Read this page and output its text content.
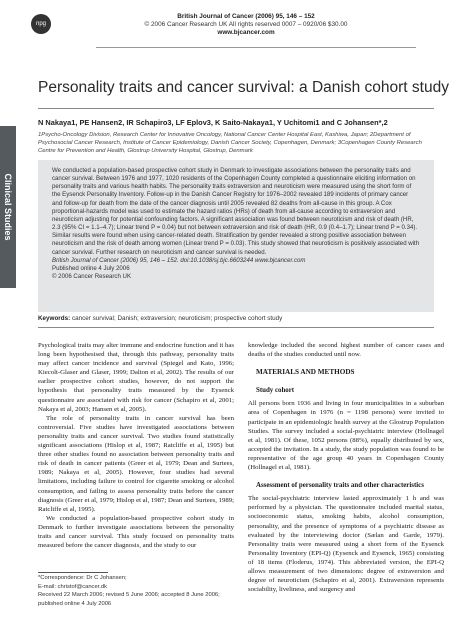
npg
British Journal of Cancer (2006) 95, 146 – 152
© 2006 Cancer Research UK All rights reserved 0007 – 0920/06 $30.00
www.bjcancer.com
Clinical Studies
Personality traits and cancer survival: a Danish cohort study
N Nakaya1, PE Hansen2, IR Schapiro3, LF Eplov3, K Saito-Nakaya1, Y Uchitomi1 and C Johansen*,2
1Psycho-Oncology Division, Research Center for Innovative Oncology, National Cancer Center Hospital East, Kashiwa, Japan; 2Department of Psychosocial Cancer Research, Institute of Cancer Epidemiology, Danish Cancer Society, Copenhagen, Denmark; 3Copenhagen County Research Centre for Prevention and Health, Glostrup University Hospital, Glostrup, Denmark

We conducted a population-based prospective cohort study in Denmark to investigate associations between the personality traits and cancer survival. Between 1976 and 1977, 1020 residents of the Copenhagen County completed a questionnaire eliciting information on personality traits and various health habits. The personality traits extraversion and neuroticism were measured using the short form of the Eysenck Personality Inventory. Follow-up in the Danish Cancer Registry for 1976–2002 revealed 189 incidents of primary cancer and follow-up for death from the date of the cancer diagnosis until 2005 revealed 82 deaths from all-cause in this group. A Cox proportional-hazards model was used to estimate the hazard ratios (HRs) of death from all-cause according to extraversion and neuroticism adjusting for potential confounding factors. A significant association was found between neuroticism and risk of death (HR, 2.3 (95% CI = 1.1–4.7); Linear trend P = 0.04) but not between extraversion and risk of death (HR, 0.9 (0.4–1.7); Linear trend P = 0.34). Similar results were found when using cancer-related death. Stratification by gender revealed a strong positive association between neuroticism and the risk of death among women (Linear trend P = 0.03). This study showed that neuroticism is positively associated with cancer survival. Further research on neuroticism and cancer survival is needed.

British Journal of Cancer (2006) 95, 146 – 152. doi:10.1038/sj.bjc.6603244 www.bjcancer.com

Published online 4 July 2006

© 2006 Cancer Research UK

Keywords: cancer survival; Danish; extraversion; neuroticism; prospective cohort study

Psychological traits may alter immune and endocrine function and it has long been hypothesised that, through this pathway, personality traits may affect cancer incidence and survival (Spiegel and Kato, 1996; Kiecolt-Glaser and Glaser, 1999; Dalton et al, 2002). The results of our earlier prospective cohort studies, however, do not support the hypothesis that personality traits measured by the Eysenck questionnaire are associated with risk for cancer (Schapiro et al, 2001; Nakaya et al, 2003; Hansen et al, 2005).

The role of personality traits in cancer survival has been controversial. Five studies have investigated associations between personality traits and cancer survival. Two studies found statistically significant associations (Hislop et al, 1987; Ratcliffe et al, 1995) but three other studies found no association between personality traits and risk of death in cancer patients (Greer et al, 1979; Dean and Surtees, 1989; Nakaya et al, 2005). However, four studies had several limitations, including failure to control for cigarette smoking or alcohol consumption, and failing to assess personality traits before the cancer diagnosis (Greer et al, 1979; Hislop et al, 1987; Dean and Surtees, 1989; Ratcliffe et al, 1995).

We conducted a population-based prospective cohort study in Denmark to further investigate associations between the personality traits and cancer survival. This study focused on personality traits measured before the cancer diagnosis, and the study to our

knowledge included the second highest number of cancer cases and deaths of the studies conducted until now.

MATERIALS AND METHODS

Study cohort

All persons born 1936 and living in four municipalities in a suburban area of Copenhagen in 1976 (n = 1198 persons) were invited to participate in an epidemiologic health survey at the Glostrup Population Studies. The survey included a social-psychiatric interview (Hollnagel et al, 1981). Of these, 1052 persons (88%), equally distributed by sex, accepted the invitation. In a study, the study population was found to be representative of the age group 40 years in Copenhagen County (Hollnagel et al, 1981).

Assessment of personality traits and other characteristics

The social-psychiatric interview lasted approximately 1 h and was performed by a physician. The questionnaire included marital status, socioeconomic status, smoking habits, alcohol consumption, personality, and the presence of symptoms of a psychiatric disease as evaluated by the interviewing doctor (Sælan and Garde, 1979). Personality traits were measured using a short form of the Eysenck Personality Inventory (EPI-Q) (Eysenck and Eysenck, 1965) consisting of 18 items (Floderus, 1974). This abbreviated version, the EPI-Q allows measurement of two dimensions: degree of extraversion and degree of neuroticism (Schapiro et al, 2001). Extraversion represents sociability, liveliness, and surgency and

*Correspondence: Dr C Johansen;
E-mail: christof@cancer.dk
Received 22 March 2006; revised 5 June 2006; accepted 8 June 2006; published online 4 July 2006
